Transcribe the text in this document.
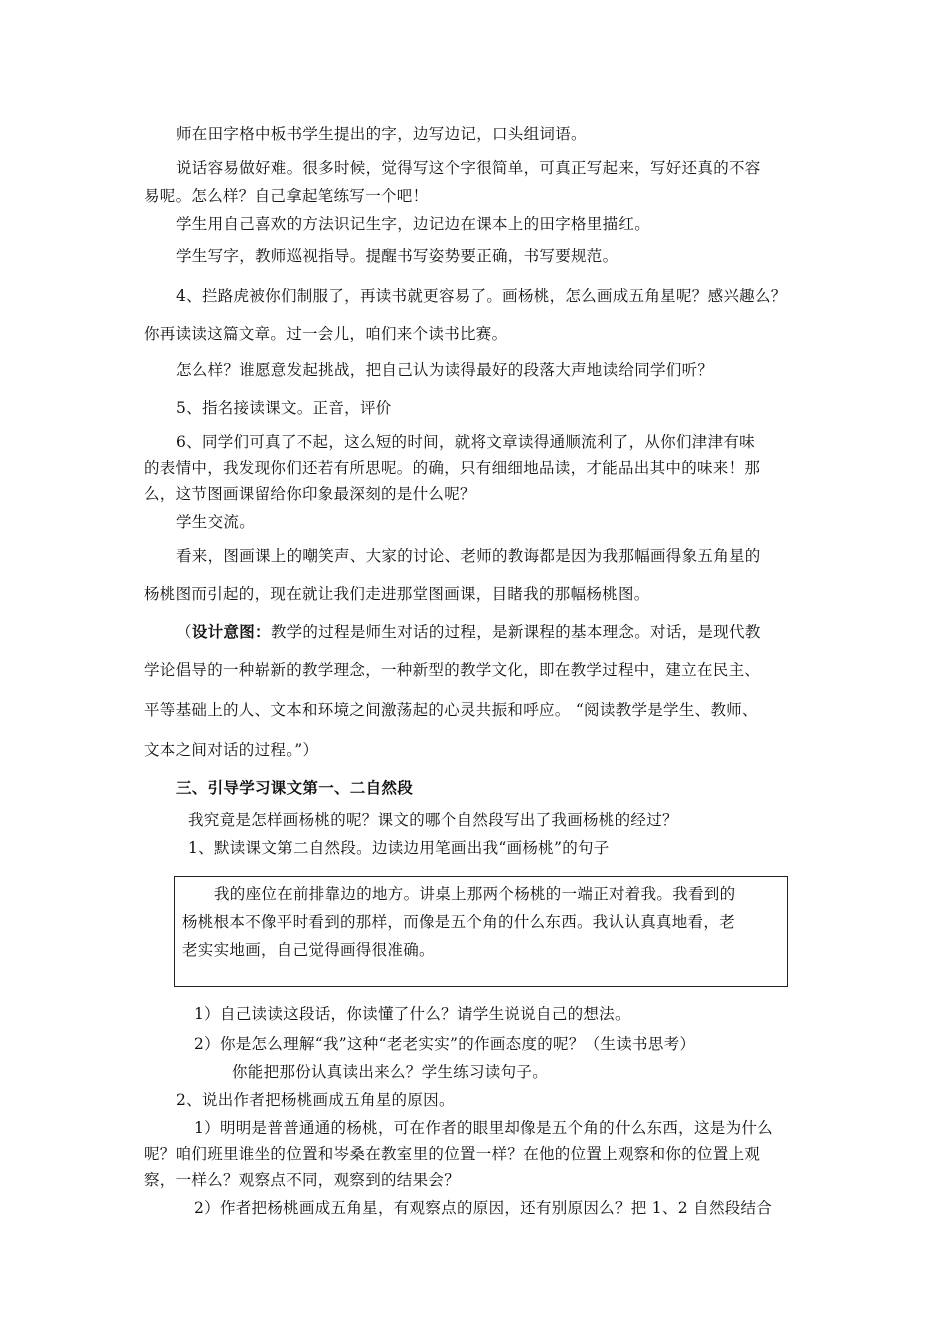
师在田字格中板书学生提出的字，边写边记，口头组词语。
说话容易做好难。很多时候，觉得写这个字很简单，可真正写起来，写好还真的不容
易呢。怎么样？自己拿起笔练写一个吧！
学生用自己喜欢的方法识记生字，边记边在课本上的田字格里描红。
学生写字，教师巡视指导。提醒书写姿势要正确，书写要规范。
4、拦路虎被你们制服了，再读书就更容易了。画杨桃，怎么画成五角星呢？感兴趣么？
你再读读这篇文章。过一会儿，咱们来个读书比赛。
怎么样？谁愿意发起挑战，把自己认为读得最好的段落大声地读给同学们听？
5、指名接读课文。正音，评价
6、同学们可真了不起，这么短的时间，就将文章读得通顺流利了，从你们津津有味
的表情中，我发现你们还若有所思呢。的确，只有细细地品读，才能品出其中的味来！那
么，这节图画课留给你印象最深刻的是什么呢？
学生交流。
看来，图画课上的嘲笑声、大家的讨论、老师的教诲都是因为我那幅画得象五角星的
杨桃图而引起的，现在就让我们走进那堂图画课，目睹我的那幅杨桃图。
（设计意图：教学的过程是师生对话的过程，是新课程的基本理念。对话，是现代教
学论倡导的一种崭新的教学理念，一种新型的教学文化，即在教学过程中，建立在民主、
平等基础上的人、文本和环境之间激荡起的心灵共振和呼应。 “阅读教学是学生、教师、
文本之间对话的过程。”）
三、引导学习课文第一、二自然段
我究竟是怎样画杨桃的呢？课文的哪个自然段写出了我画杨桃的经过？
1、默读课文第二自然段。边读边用笔画出我“画杨桃”的句子
我的座位在前排靠边的地方。讲桌上那两个杨桃的一端正对着我。我看到的
杨桃根本不像平时看到的那样，而像是五个角的什么东西。我认认真真地看，老
老实实地画，自己觉得画得很准确。
1）自己读读这段话，你读懂了什么？请学生说说自己的想法。
2）你是怎么理解“我”这种“老老实实”的作画态度的呢？（生读书思考）
你能把那份认真读出来么？学生练习读句子。
2、说出作者把杨桃画成五角星的原因。
1）明明是普普通通的杨桃，可在作者的眼里却像是五个角的什么东西，这是为什么
呢？咱们班里谁坐的位置和岑桑在教室里的位置一样？在他的位置上观察和你的位置上观
察，一样么？观察点不同，观察到的结果会？
2）作者把杨桃画成五角星，有观察点的原因，还有别原因么？把 1、2 自然段结合
